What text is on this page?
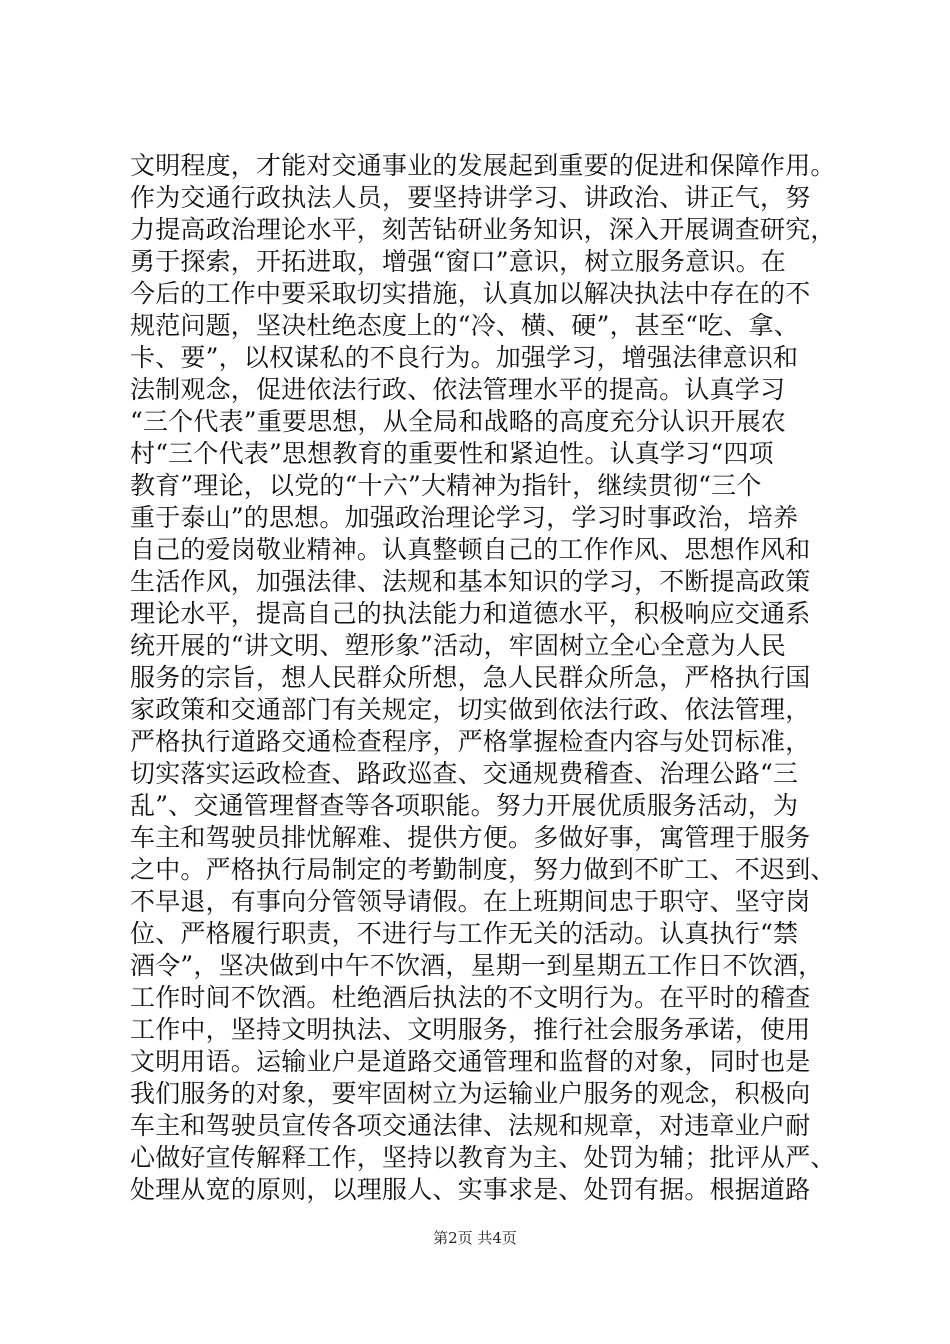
文明程度，才能对交通事业的发展起到重要的促进和保障作用。
作为交通行政执法人员，要坚持讲学习、讲政治、讲正气，努
力提高政治理论水平，刻苦钻研业务知识，深入开展调查研究，
勇于探索，开拓进取，增强“窗口”意识，树立服务意识。在
今后的工作中要采取切实措施，认真加以解决执法中存在的不
规范问题，坚决杜绝态度上的“冷、横、硬”，甚至“吃、拿、
卡、要”，以权谋私的不良行为。加强学习，增强法律意识和
法制观念，促进依法行政、依法管理水平的提高。认真学习
“三个代表”重要思想，从全局和战略的高度充分认识开展农
村“三个代表”思想教育的重要性和紧迫性。认真学习“四项
教育”理论，以党的“十六”大精神为指针，继续贯彻“三个
重于泰山”的思想。加强政治理论学习，学习时事政治，培养
自己的爱岗敬业精神。认真整顿自己的工作作风、思想作风和
生活作风，加强法律、法规和基本知识的学习，不断提高政策
理论水平，提高自己的执法能力和道德水平，积极响应交通系
统开展的“讲文明、塑形象”活动，牢固树立全心全意为人民
服务的宗旨，想人民群众所想，急人民群众所急，严格执行国
家政策和交通部门有关规定，切实做到依法行政、依法管理，
严格执行道路交通检查程序，严格掌握检查内容与处罚标准，
切实落实运政检查、路政巡查、交通规费稽查、治理公路“三
乱”、交通管理督查等各项职能。努力开展优质服务活动，为
车主和驾驶员排忧解难、提供方便。多做好事，寓管理于服务
之中。严格执行局制定的考勤制度，努力做到不旷工、不迟到、
不早退，有事向分管领导请假。在上班期间忠于职守、坚守岗
位、严格履行职责，不进行与工作无关的活动。认真执行“禁
酒令”，坚决做到中午不饮酒，星期一到星期五工作日不饮酒，
工作时间不饮酒。杜绝酒后执法的不文明行为。在平时的稽查
工作中，坚持文明执法、文明服务，推行社会服务承诺，使用
文明用语。运输业户是道路交通管理和监督的对象，同时也是
我们服务的对象，要牢固树立为运输业户服务的观念，积极向
车主和驾驶员宣传各项交通法律、法规和规章，对违章业户耐
心做好宣传解释工作，坚持以教育为主、处罚为辅；批评从严、
处理从宽的原则，以理服人、实事求是、处罚有据。根据道路
第2页 共4页
